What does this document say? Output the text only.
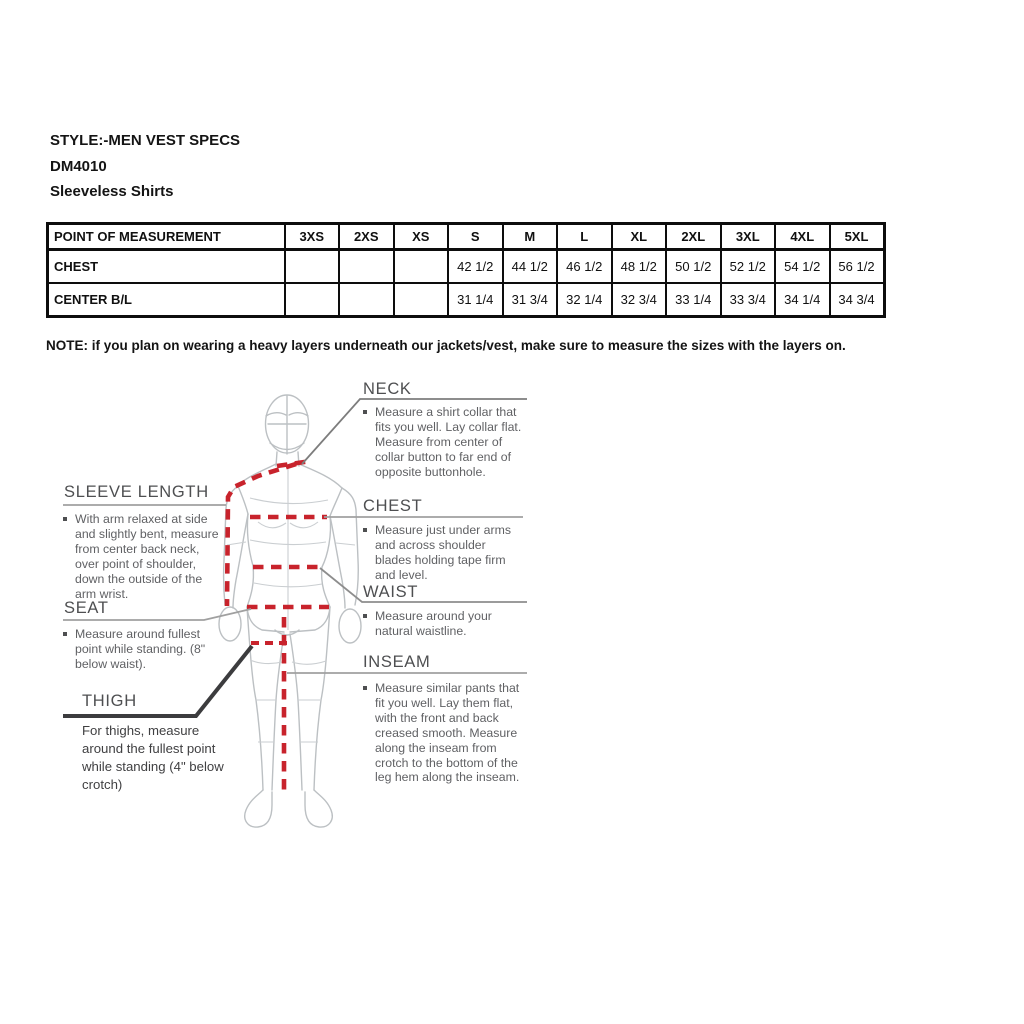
STYLE:-MEN VEST SPECS
DM4010
Sleeveless Shirts
POINT OF MEASUREMENT	3XS	2XS	XS	S	M	L	XL	2XL	3XL	4XL	5XL
CHEST				42 1/2	44 1/2	46 1/2	48 1/2	50 1/2	52 1/2	54 1/2	56 1/2
CENTER B/L				31 1/4	31 3/4	32 1/4	32 3/4	33 1/4	33 3/4	34 1/4	34 3/4
NOTE: if you plan on wearing a heavy layers underneath our jackets/vest, make sure to measure the sizes with the layers on.
NECK
Measure a shirt collar that fits you well. Lay collar flat. Measure from center of collar button to far end of opposite buttonhole.
CHEST
Measure just under arms and across shoulder blades holding tape firm and level.
WAIST
Measure around your natural waistline.
INSEAM
Measure similar pants that fit you well. Lay them flat, with the front and back creased smooth. Measure along the inseam from crotch to the bottom of the leg hem along the inseam.
SLEEVE LENGTH
With arm relaxed at side and slightly bent, measure from center back neck, over point of shoulder, down the outside of the arm wrist.
SEAT
Measure around fullest point while standing. (8" below waist).
THIGH
For thighs, measure around the fullest point while standing (4" below crotch)
